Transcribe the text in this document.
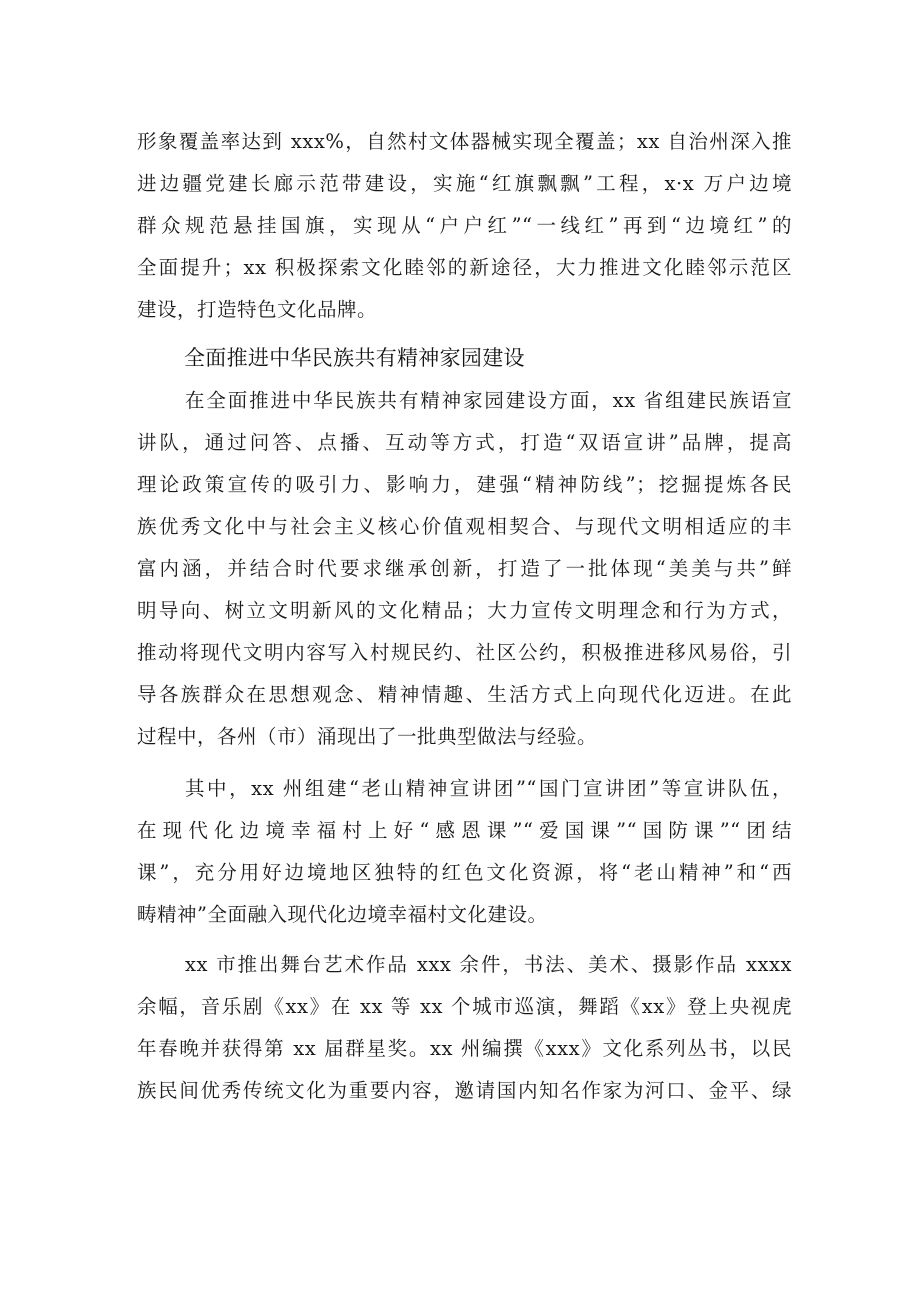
形象覆盖率达到 xxx%，自然村文体器械实现全覆盖；xx 自治州深入推
进边疆党建长廊示范带建设，实施“红旗飘飘”工程，x·x 万户边境
群众规范悬挂国旗，实现从“户户红”“一线红”再到“边境红”的
全面提升；xx 积极探索文化睦邻的新途径，大力推进文化睦邻示范区
建设，打造特色文化品牌。
全面推进中华民族共有精神家园建设
在全面推进中华民族共有精神家园建设方面，xx 省组建民族语宣
讲队，通过问答、点播、互动等方式，打造“双语宣讲”品牌，提高
理论政策宣传的吸引力、影响力，建强“精神防线”；挖掘提炼各民
族优秀文化中与社会主义核心价值观相契合、与现代文明相适应的丰
富内涵，并结合时代要求继承创新，打造了一批体现“美美与共”鲜
明导向、树立文明新风的文化精品；大力宣传文明理念和行为方式，
推动将现代文明内容写入村规民约、社区公约，积极推进移风易俗，引
导各族群众在思想观念、精神情趣、生活方式上向现代化迈进。在此
过程中，各州（市）涌现出了一批典型做法与经验。
其中，xx 州组建“老山精神宣讲团”“国门宣讲团”等宣讲队伍，
在现代化边境幸福村上好“感恩课”“爱国课”“国防课”“团结
课”，充分用好边境地区独特的红色文化资源，将“老山精神”和“西
畴精神”全面融入现代化边境幸福村文化建设。
xx 市推出舞台艺术作品 xxx 余件，书法、美术、摄影作品 xxxx
余幅，音乐剧《xx》在 xx 等 xx 个城市巡演，舞蹈《xx》登上央视虎
年春晚并获得第 xx 届群星奖。xx 州编撰《xxx》文化系列丛书，以民
族民间优秀传统文化为重要内容，邀请国内知名作家为河口、金平、绿
